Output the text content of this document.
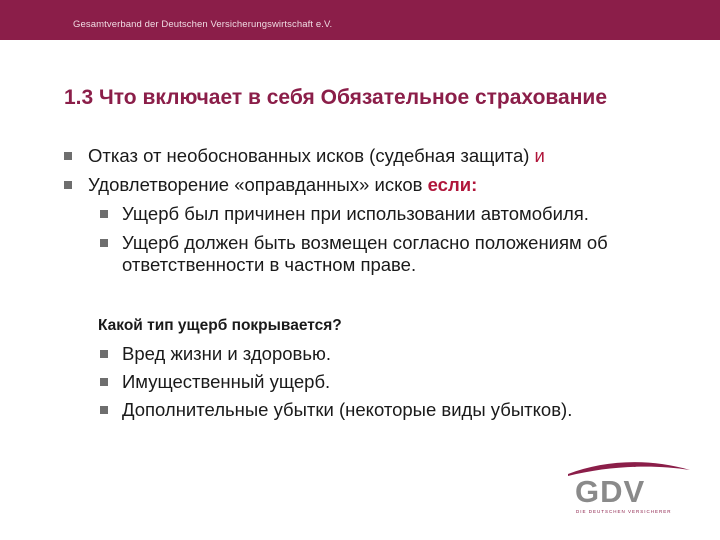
Gesamtverband der Deutschen Versicherungswirtschaft e.V.
1.3 Что включает в себя Обязательное страхование
Отказ от необоснованных исков (судебная защита) и
Удовлетворение «оправданных» исков если:
Ущерб был причинен при использовании автомобиля.
Ущерб должен быть возмещен согласно положениям об ответственности в частном праве.
Какой тип ущерб покрывается?
Вред жизни и здоровью.
Имущественный ущерб.
Дополнительные убытки (некоторые виды убытков).
GDV
DIE DEUTSCHEN VERSICHERER
